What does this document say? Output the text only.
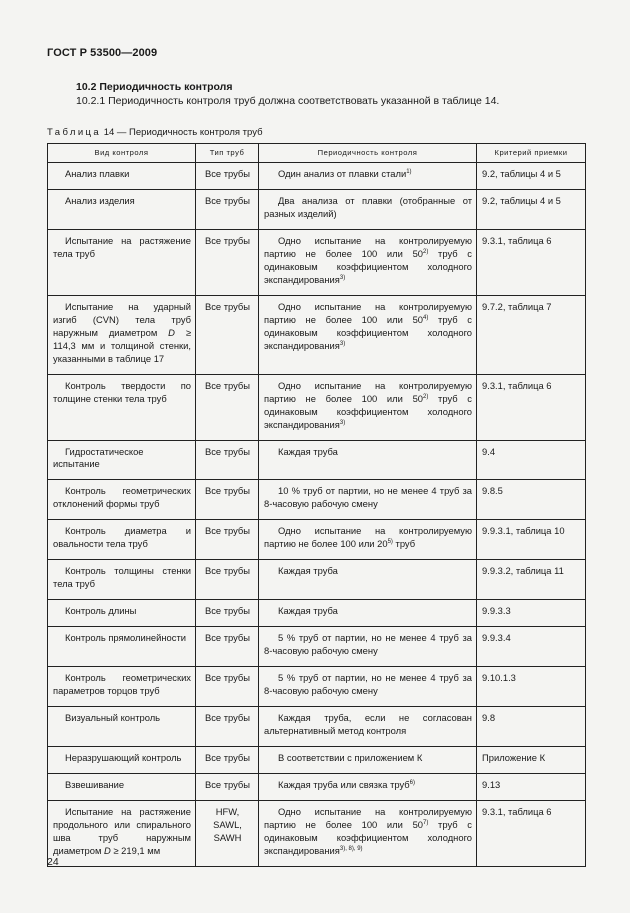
ГОСТ Р 53500—2009
10.2 Периодичность контроля
10.2.1 Периодичность контроля труб должна соответствовать указанной в таблице 14.
Таблица 14 — Периодичность контроля труб
Вид контроля	Тип труб	Периодичность контроля	Критерий приемки
Анализ плавки	Все трубы	Один анализ от плавки стали$^{1)}$	9.2, таблицы 4 и 5
Анализ изделия	Все трубы	Два анализа от плавки (отобранные от разных изделий)	9.2, таблицы 4 и 5
Испытание на растяжение тела труб	Все трубы	Одно испытание на контролируемую партию не более 100 или 50$^{2)}$ труб с одинаковым коэффициентом холодного экспандирования$^{3)}$	9.3.1, таблица 6
Испытание на ударный изгиб (CVN) тела труб наружным диаметром D ≥ 114,3 мм и толщиной стенки, указанными в таблице 17	Все трубы	Одно испытание на контролируемую партию не более 100 или 50$^{4)}$ труб с одинаковым коэффициентом холодного экспандирования$^{3)}$	9.7.2, таблица 7
Контроль твердости по толщине стенки тела труб	Все трубы	Одно испытание на контролируемую партию не более 100 или 50$^{2)}$ труб с одинаковым коэффициентом холодного экспандирования$^{3)}$	9.3.1, таблица 6
Гидростатическое испытание	Все трубы	Каждая труба	9.4
Контроль геометрических отклонений формы труб	Все трубы	10 % труб от партии, но не менее 4 труб за 8-часовую рабочую смену	9.8.5
Контроль диаметра и овальности тела труб	Все трубы	Одно испытание на контролируемую партию не более 100 или 20$^{5)}$ труб	9.9.3.1, таблица 10
Контроль толщины стенки тела труб	Все трубы	Каждая труба	9.9.3.2, таблица 11
Контроль длины	Все трубы	Каждая труба	9.9.3.3
Контроль прямолинейности	Все трубы	5 % труб от партии, но не менее 4 труб за 8-часовую рабочую смену	9.9.3.4
Контроль геометрических параметров торцов труб	Все трубы	5 % труб от партии, но не менее 4 труб за 8-часовую рабочую смену	9.10.1.3
Визуальный контроль	Все трубы	Каждая труба, если не согласован альтернативный метод контроля	9.8
Неразрушающий контроль	Все трубы	В соответствии с приложением К	Приложение К
Взвешивание	Все трубы	Каждая труба или связка труб$^{6)}$	9.13
Испытание на растяжение продольного или спирального шва труб наружным диаметром D ≥ 219,1 мм	HFW,
SAWL,
SAWH	Одно испытание на контролируемую партию не более 100 или 50$^{7)}$ труб с одинаковым коэффициентом холодного экспандирования$^{3), 8), 9)}$	9.3.1, таблица 6
24
